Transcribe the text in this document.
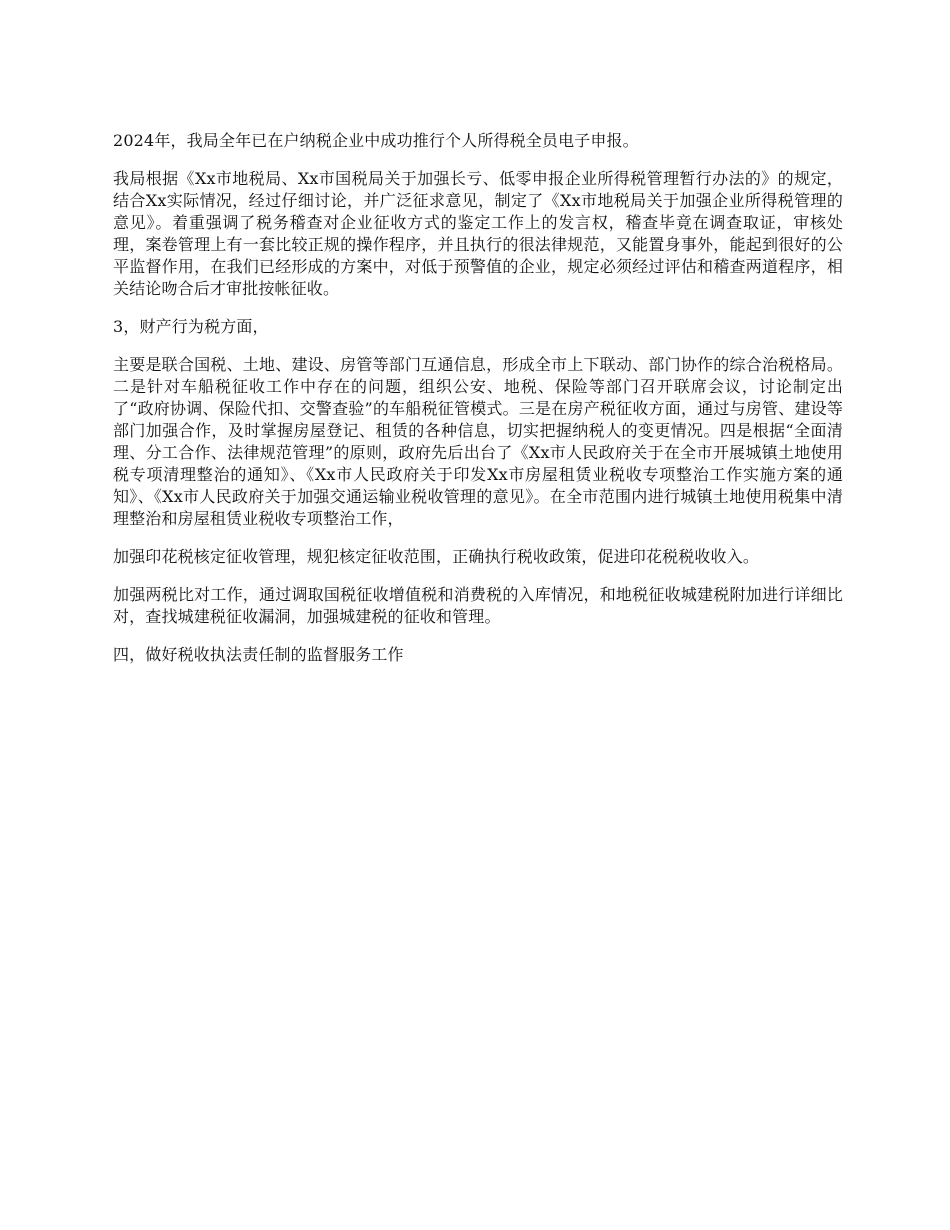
2024年，我局全年已在户纳税企业中成功推行个人所得税全员电子申报。

我局根据《Xx市地税局、Xx市国税局关于加强长亏、低零申报企业所得税管理暂行办法的》的规定，结合Xx实际情况，经过仔细讨论，并广泛征求意见，制定了《Xx市地税局关于加强企业所得税管理的意见》。着重强调了税务稽查对企业征收方式的鉴定工作上的发言权，稽查毕竟在调查取证，审核处理，案卷管理上有一套比较正规的操作程序，并且执行的很法律规范，又能置身事外，能起到很好的公平监督作用，在我们已经形成的方案中，对低于预警值的企业，规定必须经过评估和稽查两道程序，相关结论吻合后才审批按帐征收。

3，财产行为税方面，

主要是联合国税、土地、建设、房管等部门互通信息，形成全市上下联动、部门协作的综合治税格局。二是针对车船税征收工作中存在的问题，组织公安、地税、保险等部门召开联席会议，讨论制定出了“政府协调、保险代扣、交警查验”的车船税征管模式。三是在房产税征收方面，通过与房管、建设等部门加强合作，及时掌握房屋登记、租赁的各种信息，切实把握纳税人的变更情况。四是根据“全面清理、分工合作、法律规范管理”的原则，政府先后出台了《Xx市人民政府关于在全市开展城镇土地使用税专项清理整治的通知》、《Xx市人民政府关于印发Xx市房屋租赁业税收专项整治工作实施方案的通知》、《Xx市人民政府关于加强交通运输业税收管理的意见》。在全市范围内进行城镇土地使用税集中清理整治和房屋租赁业税收专项整治工作，

加强印花税核定征收管理，规犯核定征收范围，正确执行税收政策，促进印花税税收收入。

加强两税比对工作，通过调取国税征收增值税和消费税的入库情况，和地税征收城建税附加进行详细比对，查找城建税征收漏洞，加强城建税的征收和管理。

四，做好税收执法责任制的监督服务工作
